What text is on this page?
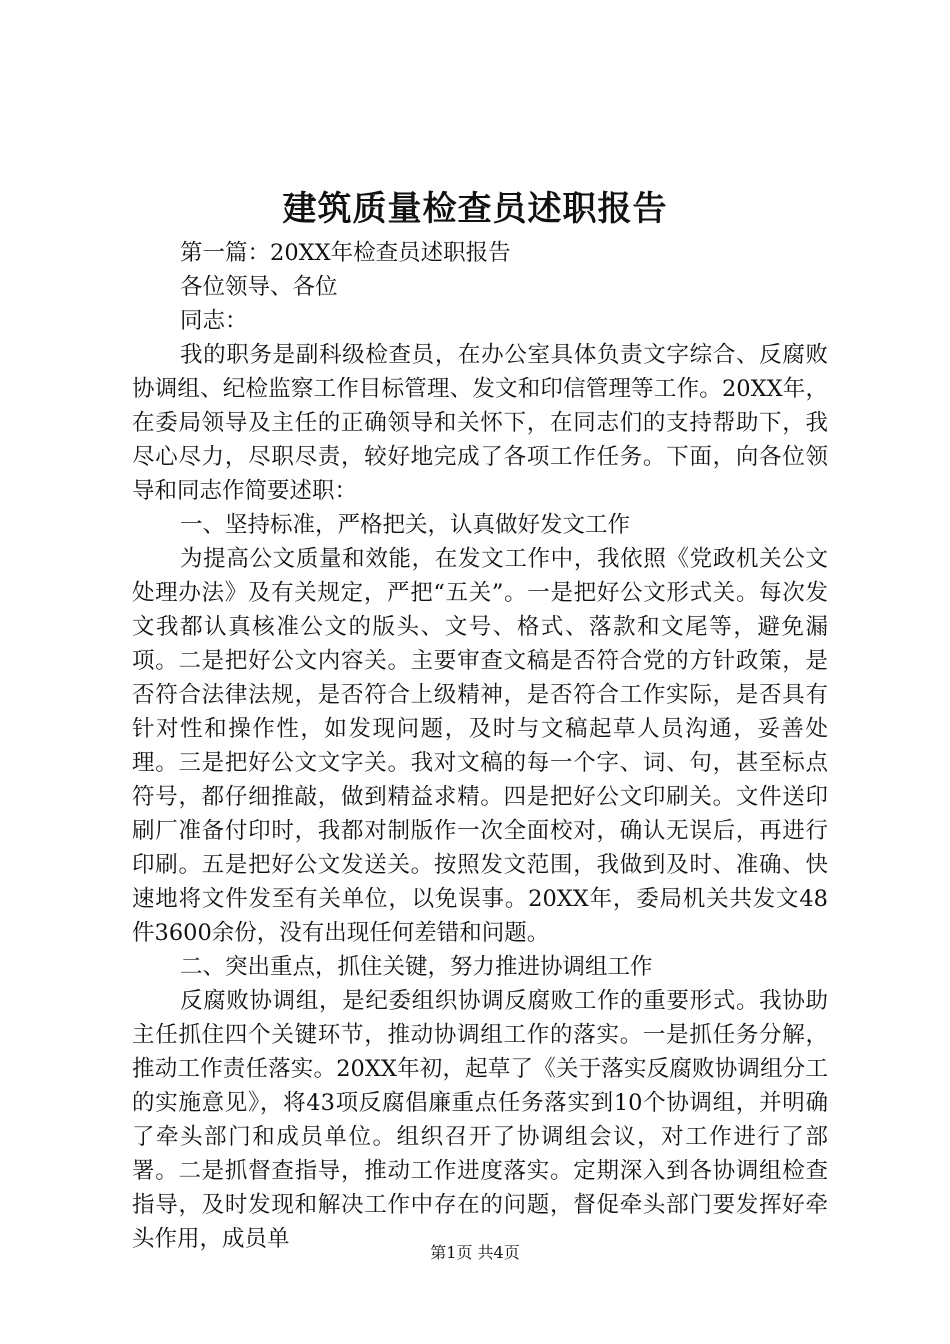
建筑质量检查员述职报告

第一篇：20XX年检查员述职报告

各位领导、各位

同志：

我的职务是副科级检查员，在办公室具体负责文字综合、反腐败协调组、纪检监察工作目标管理、发文和印信管理等工作。20XX年，在委局领导及主任的正确领导和关怀下，在同志们的支持帮助下，我尽心尽力，尽职尽责，较好地完成了各项工作任务。下面，向各位领导和同志作简要述职：

一、坚持标准，严格把关，认真做好发文工作

为提高公文质量和效能，在发文工作中，我依照《党政机关公文处理办法》及有关规定，严把“五关”。一是把好公文形式关。每次发文我都认真核准公文的版头、文号、格式、落款和文尾等，避免漏项。二是把好公文内容关。主要审查文稿是否符合党的方针政策，是否符合法律法规，是否符合上级精神，是否符合工作实际，是否具有针对性和操作性，如发现问题，及时与文稿起草人员沟通，妥善处理。三是把好公文文字关。我对文稿的每一个字、词、句，甚至标点符号，都仔细推敲，做到精益求精。四是把好公文印刷关。文件送印刷厂准备付印时，我都对制版作一次全面校对，确认无误后，再进行印刷。五是把好公文发送关。按照发文范围，我做到及时、准确、快速地将文件发至有关单位，以免误事。20XX年，委局机关共发文48件3600余份，没有出现任何差错和问题。

二、突出重点，抓住关键，努力推进协调组工作

反腐败协调组，是纪委组织协调反腐败工作的重要形式。我协助主任抓住四个关键环节，推动协调组工作的落实。一是抓任务分解，推动工作责任落实。20XX年初，起草了《关于落实反腐败协调组分工的实施意见》，将43项反腐倡廉重点任务落实到10个协调组，并明确了牵头部门和成员单位。组织召开了协调组会议，对工作进行了部署。二是抓督查指导，推动工作进度落实。定期深入到各协调组检查指导，及时发现和解决工作中存在的问题，督促牵头部门要发挥好牵头作用，成员单

第1页 共4页
